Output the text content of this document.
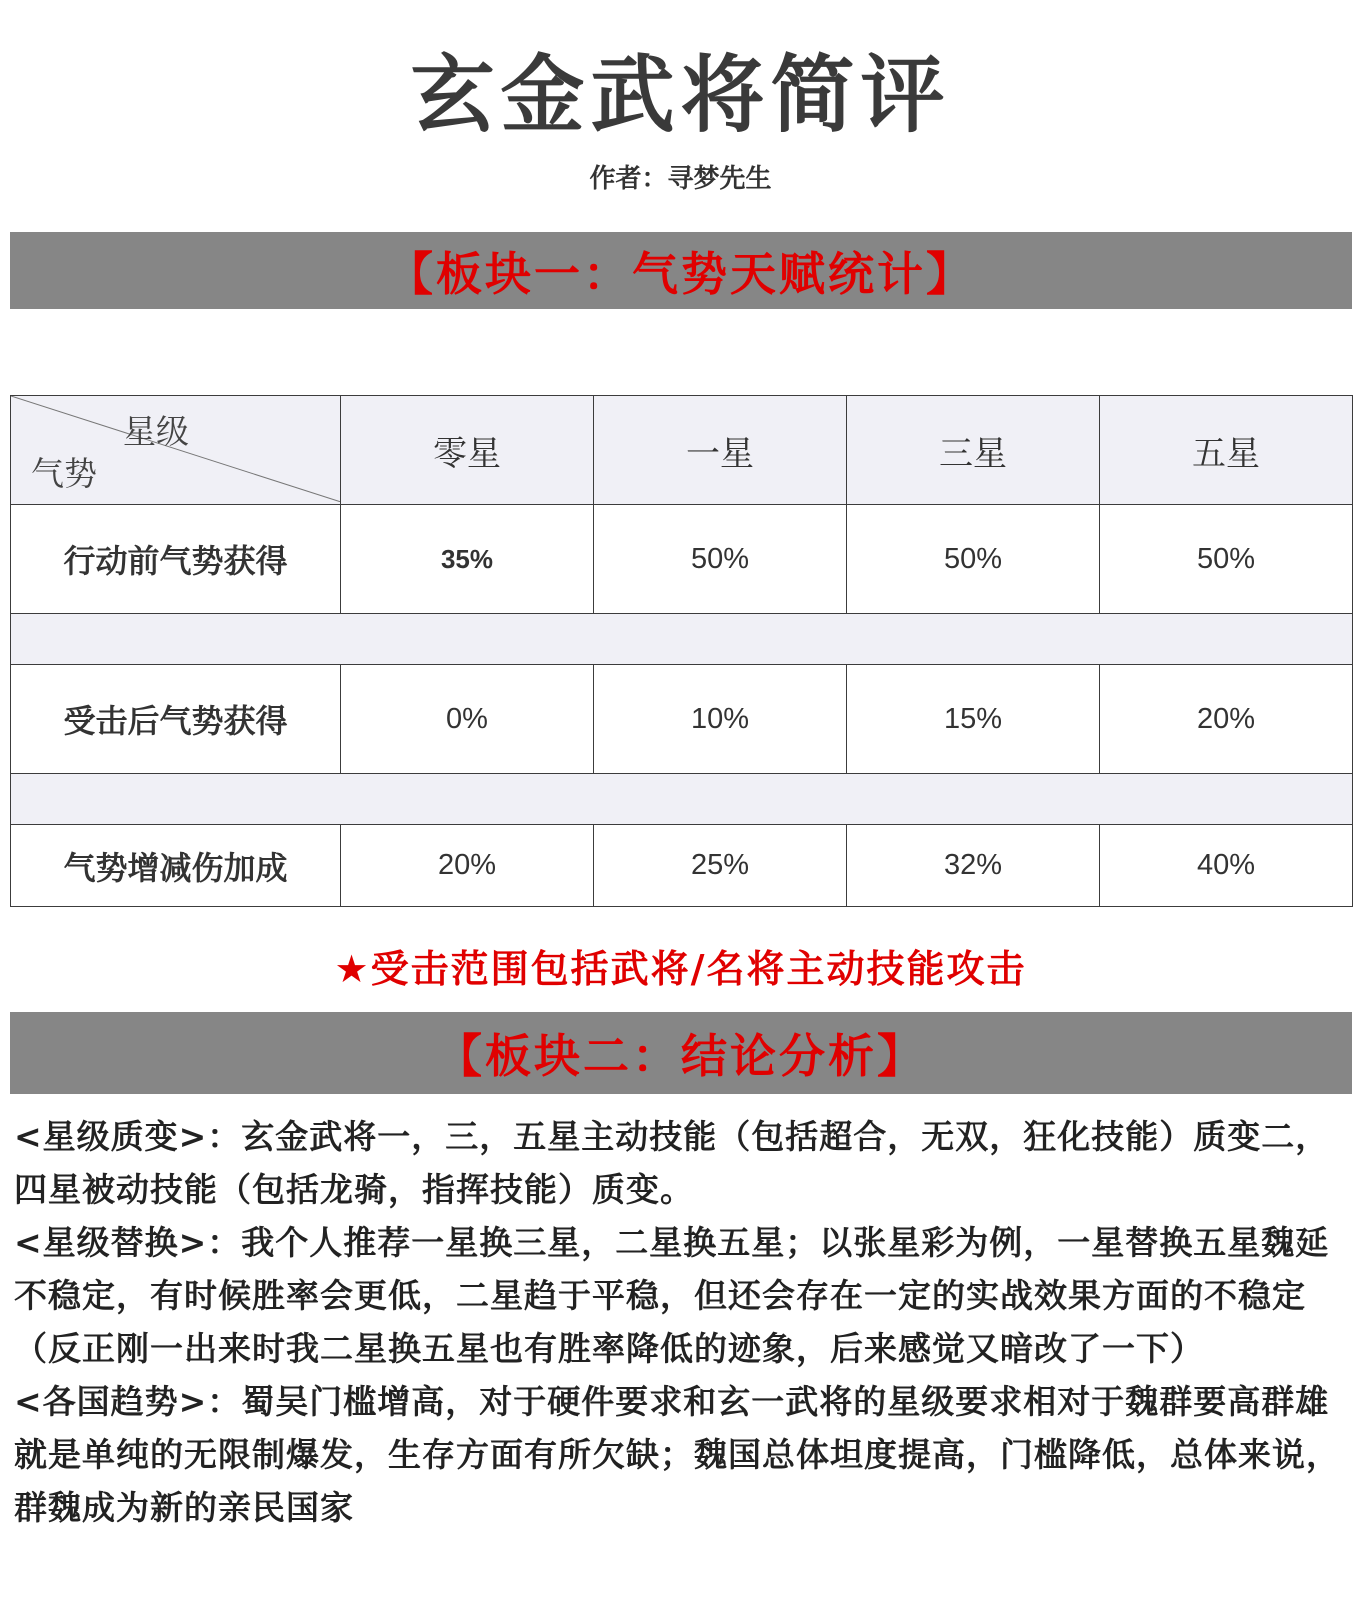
玄金武将简评
作者：寻梦先生
【板块一：气势天赋统计】
星级
气势	零星	一星	三星	五星
行动前气势获得	35%	50%	50%	50%

受击后气势获得	0%	10%	15%	20%

气势增减伤加成	20%	25%	32%	40%
★受击范围包括武将/名将主动技能攻击
【板块二：结论分析】

<星级质变>：玄金武将一，三，五星主动技能（包括超合，无双，狂化技能）质变二，四星被动技能（包括龙骑，指挥技能）质变。

<星级替换>：我个人推荐一星换三星，二星换五星；以张星彩为例，一星替换五星魏延不稳定，有时候胜率会更低，二星趋于平稳，但还会存在一定的实战效果方面的不稳定（反正刚一出来时我二星换五星也有胜率降低的迹象，后来感觉又暗改了一下）

<各国趋势>：蜀吴门槛增高，对于硬件要求和玄一武将的星级要求相对于魏群要高群雄就是单纯的无限制爆发，生存方面有所欠缺；魏国总体坦度提高，门槛降低，总体来说，群魏成为新的亲民国家
